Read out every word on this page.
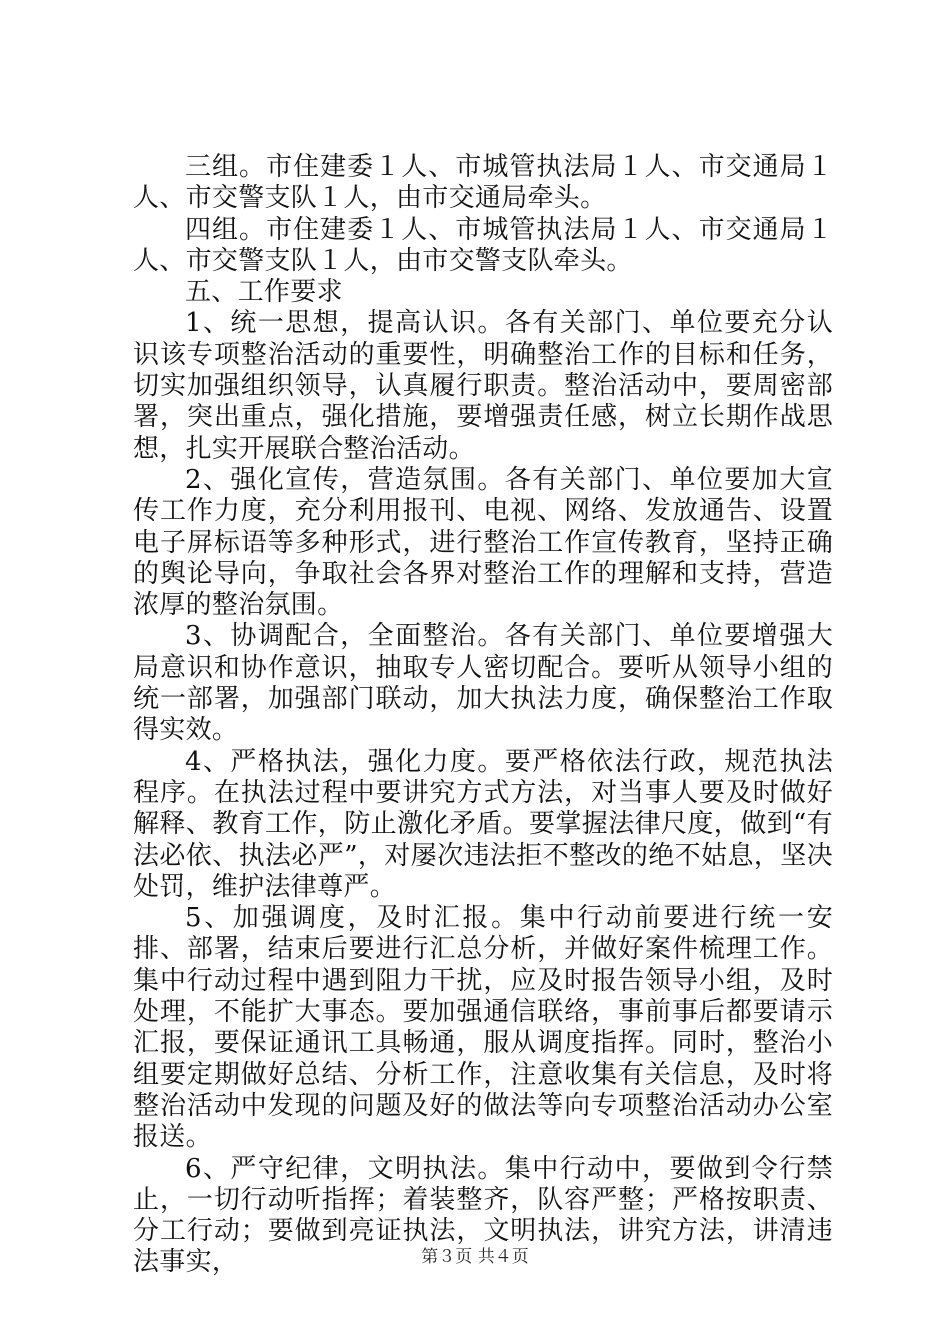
三组。市住建委１人、市城管执法局１人、市交通局１人、市交警支队１人，由市交通局牵头。

四组。市住建委１人、市城管执法局１人、市交通局１人、市交警支队１人，由市交警支队牵头。

五、工作要求

1、统一思想，提高认识。各有关部门、单位要充分认识该专项整治活动的重要性，明确整治工作的目标和任务，切实加强组织领导，认真履行职责。整治活动中，要周密部署，突出重点，强化措施，要增强责任感，树立长期作战思想，扎实开展联合整治活动。

2、强化宣传，营造氛围。各有关部门、单位要加大宣传工作力度，充分利用报刊、电视、网络、发放通告、设置电子屏标语等多种形式，进行整治工作宣传教育，坚持正确的舆论导向，争取社会各界对整治工作的理解和支持，营造浓厚的整治氛围。

3、协调配合，全面整治。各有关部门、单位要增强大局意识和协作意识，抽取专人密切配合。要听从领导小组的统一部署，加强部门联动，加大执法力度，确保整治工作取得实效。

4、严格执法，强化力度。要严格依法行政，规范执法程序。在执法过程中要讲究方式方法，对当事人要及时做好解释、教育工作，防止激化矛盾。要掌握法律尺度，做到“有法必依、执法必严”，对屡次违法拒不整改的绝不姑息，坚决处罚，维护法律尊严。

5、加强调度，及时汇报。集中行动前要进行统一安排、部署，结束后要进行汇总分析，并做好案件梳理工作。集中行动过程中遇到阻力干扰，应及时报告领导小组，及时处理，不能扩大事态。要加强通信联络，事前事后都要请示汇报，要保证通讯工具畅通，服从调度指挥。同时，整治小组要定期做好总结、分析工作，注意收集有关信息，及时将整治活动中发现的问题及好的做法等向专项整治活动办公室报送。

6、严守纪律，文明执法。集中行动中，要做到令行禁止，一切行动听指挥；着装整齐，队容严整；严格按职责、分工行动；要做到亮证执法，文明执法，讲究方法，讲清违法事实，	第３页 共４页
